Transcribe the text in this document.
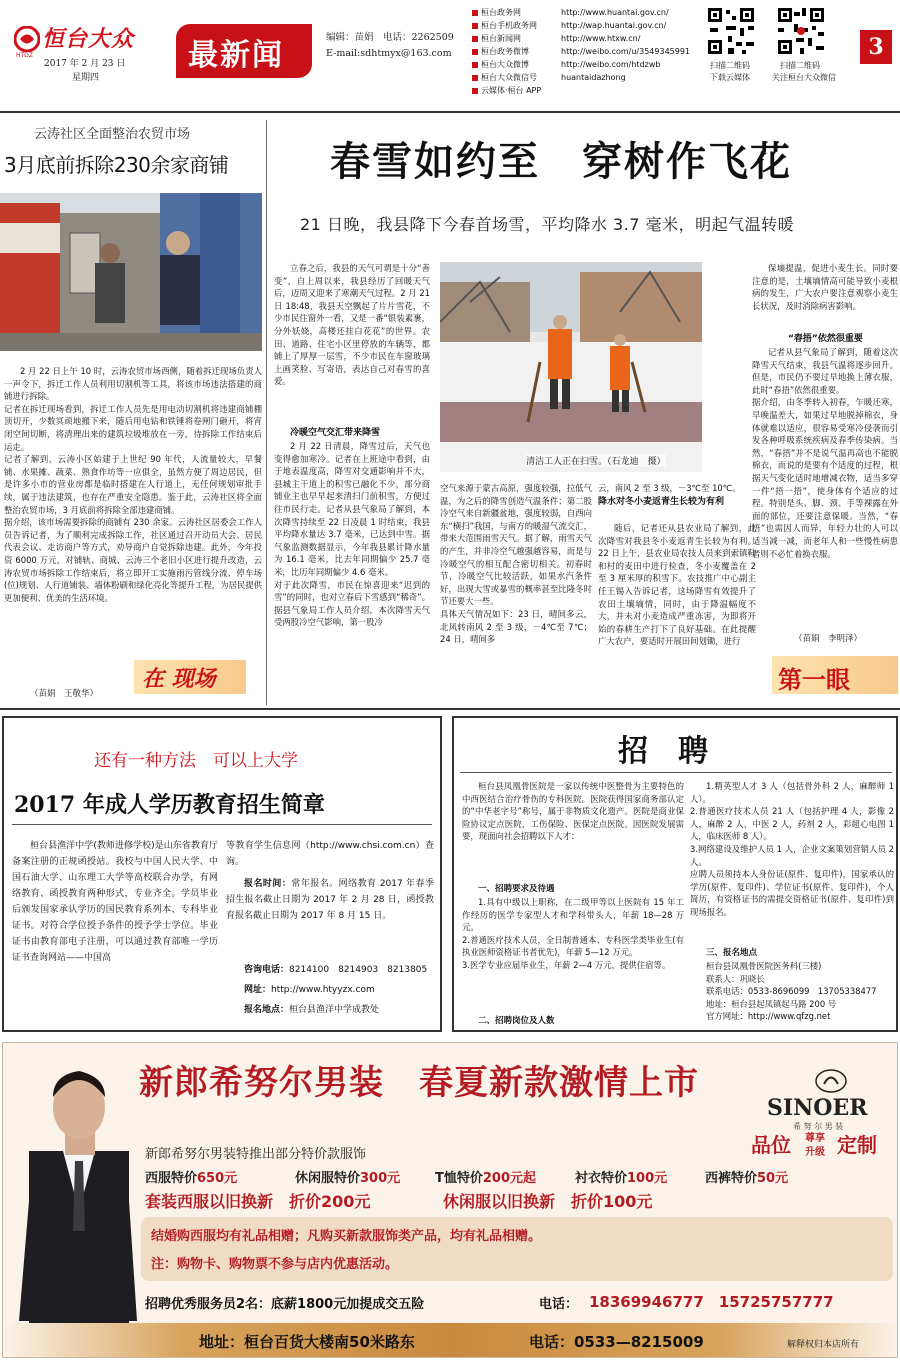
恒台大众
HTDZ
2017 年 2 月 23 日
星期四
最新闻
编辑：苗娟　电话：2262509
E-mail:sdhtmyx@163.com
桓台政务网	http://www.huantai.gov.cn/
桓台手机政务网	http://wap.huantai.gov.cn/
桓台新闻网	http://www.htxw.cn/
桓台政务微博	http://weibo.com/u/3549345991
桓台大众微博	http://weibo.com/htdzwb
桓台大众微信号	huantaidazhong
云媒体·桓台 APP
扫描二维码
下载云媒体
扫描二维码
关注桓台大众微信
3
云涛社区全面整治农贸市场
3月底前拆除230余家商铺
2 月 22 日上午 10 时，云涛农贸市场西侧，随着拆迁现场负责人一声令下，拆迁工作人员利用切割机等工具，将该市场违法搭建的商铺进行拆除。
记者在拆迁现场看到，拆迁工作人员先是用电动切割机将违建商铺棚顶切开，少数冥顽地搬下来，随后用电钻和铁锤将卷闸门砸开，将宵闭空间切断，将清理出来的建筑垃圾堆放在一旁，待拆除工作结束后运走。
记者了解到，云涛小区始建于上世纪 90 年代，人流量较大，早餐铺、水果摊、蔬菜、熟食作坊等一应俱全，虽然方便了周边居民，但是许多小市的营业房都是临时搭建在人行道上，无任何规划审批手续，属于违法建筑，也存在严重安全隐患。鉴于此，云涛社区将全面整治农贸市场，3 月底前将拆除全部违建商铺。
据介绍，该市场需要拆除的商铺有 230 余家。云涛社区居委会工作人员告诉记者，为了顺利完成拆除工作，社区通过召开动员大会、居民代表会议、走访商户等方式，劝导商户自觉拆除违建。此外，今年投资 6000 万元，对铺轨、商城、云涛三个老旧小区进行提升改造，云涛农贸市场拆除工作结束后，将立即开工实施雨污管线分流、停车场(位)规划、人行道铺装、墙体粉刷和绿化亮化等提升工程，为居民提供更加便利、优美的生活环境。
（苗娟　王敬华）
在 现场
春雪如约至　穿树作飞花
21 日晚，我县降下今春首场雪，平均降水 3.7 毫米，明起气温转暖
立春之后，我县的天气可谓是十分“善变”，自上周以来，我县经历了回暖天气后，迈周又迎来了寒潮天气过程。2 月 21 日 18:48，我县天空飘起了片片雪花，不少市民住窗外一看，又是一番“银装素裹，分外妖娆，高楼还挂白花花”的世界。农田、道路、住宅小区里停放的车辆等，都铺上了厚厚一层雪，不少市民在车窗玻璃上画笑脸、写寄语，表达自己对春雪的喜爱。
冷暖空气交汇带来降雪
2 月 22 日清晨，降雪过后，天气也变得愈加寒冷。记者在上班途中看到，由于地表温度高，降雪对交通影响并不大，县城主干道上的积雪已融化不少，部分商铺业主也早早起来清扫门前积雪，方便过往市民行走。记者从县气象局了解到，本次降雪持续至 22 日凌晨 1 时结束，我县平均降水量达 3.7 毫米，已达到中雪。据气象监测数据显示，今年我县累计降水量为 16.1 毫米，比去年同期偏少 25.7 毫米，比历年同期偏少 4.6 毫米。
对于此次降雪，市民在惊喜迎来“迟到的雪”的同时，也对立春后下雪感到“稀奇”。据县气象局工作人员介绍，本次降雪天气受两股冷空气影响，第一股冷
清洁工人正在扫雪。（石龙迪　摄）
空气来源于蒙古高原，强度较强，拉低气温，为之后的降雪创造气温条件；第二股冷空气来自新疆盆地，强度较弱，自西向东“横扫”我国，与南方的暖湿气流交汇，带来大范围雨雪天气。据了解，雨雪天气的产生，并非冷空气越强越容易，而是与冷暖空气的相互配合密切相关。初春时节，冷暖空气比较活跃，如果水汽条件好，出现大雪或暴雪的概率甚至比隆冬时节还要大一些。
具体天气情况如下：23 日，晴间多云，北风转南风 2 至 3 级，－4℃至 7℃；24 日，晴间多
云，南风 2 至 3 级，－3℃至 10℃。
降水对冬小麦返青生长较为有利
随后，记者还从县农业局了解到，此次降雪对我县冬小麦返青生长较为有利。22 日上午，县农业局农技人员来到索镇鞋和村的麦田中进行检查，冬小麦覆盖在 2 至 3 厘米厚的积雪下。农技推广中心副主任王锡入告诉记者，这场降雪有效提升了农田土壤墒情，同时，由于降温幅度不大，并未对小麦造成严重冻害，为即将开始的春耕生产打下了良好基础。在此提醒广大农户，要适时开展田间划锄，进行
保墒提温，促进小麦生长。同时要注意的是，土壤墒情高可能导致小麦根病的发生，广大农户要注意观察小麦生长状况，及时消除病害影响。
“春捂”依然很重要
记者从县气象局了解到，随着这次降雪天气结束，我县气温将逐步回升。但是，市民仍不要过早地换上薄衣服，此时“春捂”依然很重要。
据介绍，由冬季转入初春，乍暖还寒，早晚温差大，如果过早地脱掉棉衣，身体就难以适应，很容易受寒冷侵袭而引发各种呼吸系统疾病及春季传染病。当然，“春捂”并不是说气温再高也不能脱棉衣，而说的是要有个适度的过程，根据天气变化适时地增减衣物，适当多穿一件“捂一捂”，使身体有个适应的过程。特别是头、脚、颈、手等裸露在外面的部位，还要注意保暖。当然，“春捂”也需因人而异，年轻力壮的人可以适当减一减，而老年人和一些慢性病患者则不必忙着换衣服。
（苗娟　李明泽）
第一眼
还有一种方法　可以上大学
2017 年成人学历教育招生简章
桓台县渔洋中学(教师进修学校)是山东省教育厅备案注册的正规函授站。我校与中国人民大学、中国石油大学、山东理工大学等高校联合办学，有网络教育、函授教育两种形式，专业齐全。学员毕业后颁发国家承认学历的国民教育系列本、专科毕业证书。对符合学位授予条件的授予学士学位。毕业证书由教育部电子注册，可以通过教育部唯一学历证书查询网站——中国高
等教育学生信息网（http://www.chsi.com.cn）查询。
报名时间：常年报名。网络教育 2017 年春季招生报名截止日期为 2017 年 2 月 28 日，函授教育报名截止日期为 2017 年 8 月 15 日。
咨询电话：8214100　8214903　8213805
网址：http://www.htyyzx.com
报名地点：桓台县渔洋中学成教处
招　聘
桓台县凤凰骨医院是一家以传统中医整骨为主要特色的中西医结合治疗骨伤的专科医院。医院获得国家商务部认定的“中华老字号”称号，属于非物质文化遗产。医院是商业保险协议定点医院，工伤保险、医保定点医院。因医院发展需要，现面向社会招聘以下人才：
一、招聘要求及待遇
1.具有中级以上职称，在二级甲等以上医院有 15 年工作经历的医学专家型人才和学科带头人，年薪 18—28 万元。
2.普通医疗技术人员，全日制普通本、专科医学类毕业生(有执业医师资格证书者优先)，年薪 5—12 万元。
3.医学专业应届毕业生，年薪 2—4 万元，提供住宿等。
二、招聘岗位及人数
1.精英型人才 3 人（包括骨外科 2 人，麻醉师 1 人）。
2.普通医疗技术人员 21 人（包括护理 4 人，影像 2 人，麻醉 2 人，中医 2 人，药剂 2 人，彩超心电图 1 人，临床医师 8 人）。
3.网络建设及维护人员 1 人，企业文案策划营销人员 2 人。
应聘人员须持本人身份证(原件、复印件)，国家承认的学历(原件、复印件)、学位证书(原件、复印件)，个人简历，有资格证书的需提交资格证书(原件、复印件)到现场报名。
三、报名地点
桓台县凤凰骨医院医务科(三楼)
联系人：巩晓长
联系电话：0533-8696099　13705338477
地址：桓台县起凤镇起马路 200 号
官方网址：http://www.qfzg.net
新郎希努尔男装　春夏新款激情上市
SINOER
希 努 尔 男 装
品位 尊享
升级 定制
新郎希努尔男装特推出部分特价款服饰
西服特价650元	休闲服特价300元	T恤特价200元起	衬衣特价100元	西裤特价50元
套装西服以旧换新　折价200元	休闲服以旧换新　折价100元
结婚购西服均有礼品相赠；凡购买新款服饰类产品，均有礼品相赠。
注：购物卡、购物票不参与店内优惠活动。
招聘优秀服务员2名：底薪1800元加提成交五险	电话： 18369946777　15725757777
地址：桓台百货大楼南50米路东	电话：0533—8215009	解释权归本店所有
